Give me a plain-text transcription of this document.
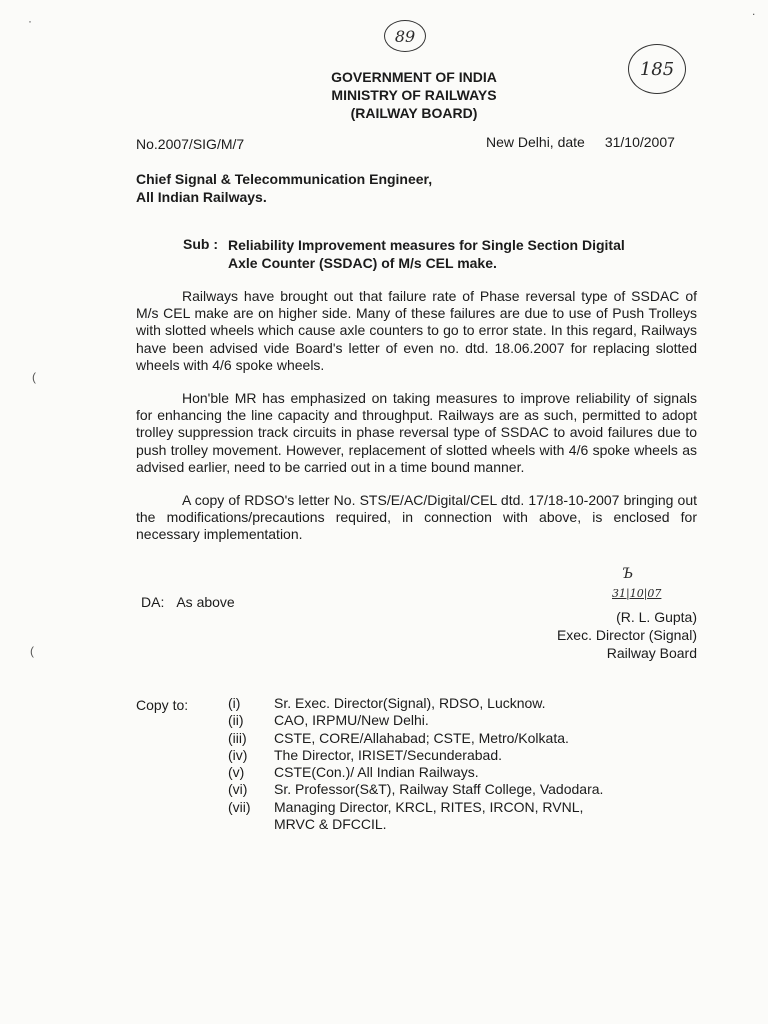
89
185
·
(
(
.
GOVERNMENT OF INDIA
MINISTRY OF RAILWAYS
(RAILWAY BOARD)
No.2007/SIG/M/7	New Delhi, date 31/10/2007
Chief Signal & Telecommunication Engineer,
All Indian Railways.
Sub : Reliability Improvement measures for Single Section Digital
Axle Counter (SSDAC) of M/s CEL make.
Railways have brought out that failure rate of Phase reversal type of SSDAC of M/s CEL make are on higher side. Many of these failures are due to use of Push Trolleys with slotted wheels which cause axle counters to go to error state. In this regard, Railways have been advised vide Board's letter of even no. dtd. 18.06.2007 for replacing slotted wheels with 4/6 spoke wheels.
Hon'ble MR has emphasized on taking measures to improve reliability of signals for enhancing the line capacity and throughput. Railways are as such, permitted to adopt trolley suppression track circuits in phase reversal type of SSDAC to avoid failures due to push trolley movement. However, replacement of slotted wheels with 4/6 spoke wheels as advised earlier, need to be carried out in a time bound manner.
A copy of RDSO's letter No. STS/E/AC/Digital/CEL dtd. 17/18-10-2007 bringing out the modifications/precautions required, in connection with above, is enclosed for necessary implementation.
DA: As above
Ъ
31|10|07
(R. L. Gupta)
Exec. Director (Signal)
Railway Board
Copy to:	(i)	Sr. Exec. Director(Signal), RDSO, Lucknow.
(ii)	CAO, IRPMU/New Delhi.
(iii)	CSTE, CORE/Allahabad; CSTE, Metro/Kolkata.
(iv)	The Director, IRISET/Secunderabad.
(v)	CSTE(Con.)/ All Indian Railways.
(vi)	Sr. Professor(S&T), Railway Staff College, Vadodara.
(vii)	Managing Director, KRCL, RITES, IRCON, RVNL,
MRVC & DFCCIL.
